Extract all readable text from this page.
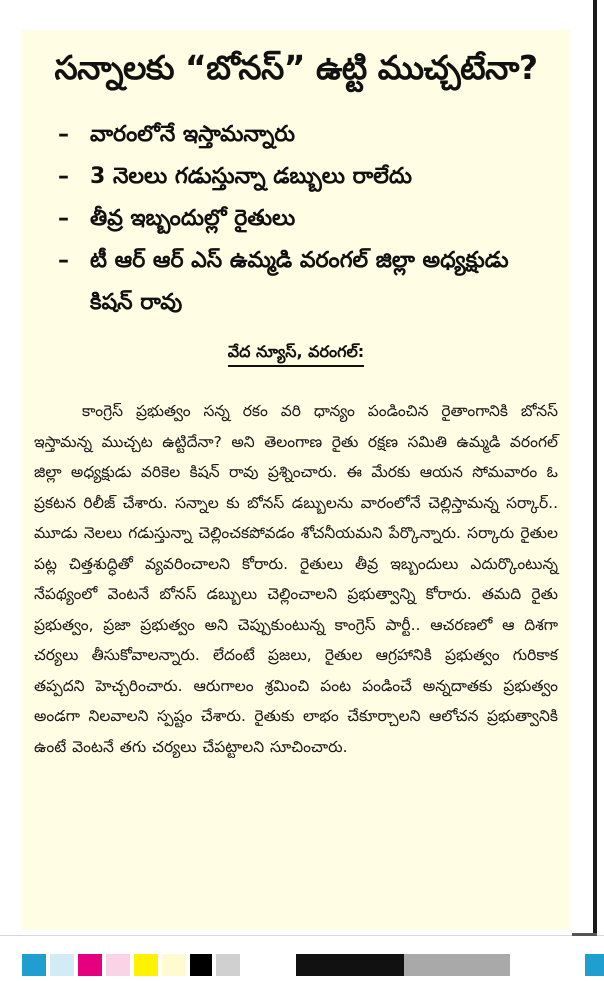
సన్నాలకు “బోనస్” ఉట్టి ముచ్చటేనా?
– వారంలోనే ఇస్తామన్నారు
– 3 నెలలు గడుస్తున్నా డబ్బులు రాలేదు
– తీవ్ర ఇబ్బందుల్లో రైతులు
– టీ ఆర్ ఆర్ ఎస్ ఉమ్మడి వరంగల్ జిల్లా అధ్యక్షుడు కిషన్ రావు
వేద న్యూస్, వరంగల్:

కాంగ్రెస్ ప్రభుత్వం సన్న రకం వరి ధాన్యం పండించిన రైతాంగానికి బోనస్ ఇస్తామన్న ముచ్చట ఉట్టిదేనా? అని తెలంగాణ రైతు రక్షణ సమితి ఉమ్మడి వరంగల్ జిల్లా అధ్యక్షుడు వరికెల కిషన్ రావు ప్రశ్నించారు. ఈ మేరకు ఆయన సోమవారం ఓ ప్రకటన రిలీజ్ చేశారు. సన్నాల కు బోనస్ డబ్బులను వారంలోనే చెల్లిస్తామన్న సర్కార్.. మూడు నెలలు గడుస్తున్నా చెల్లించకపోవడం శోచనీయమని పేర్కొన్నారు. సర్కారు రైతుల పట్ల చిత్తశుద్ధితో వ్యవరించాలని కోరారు. రైతులు తీవ్ర ఇబ్బందులు ఎదుర్కొంటున్న నేపథ్యంలో వెంటనే బోనస్ డబ్బులు చెల్లించాలని ప్రభుత్వాన్ని కోరారు. తమది రైతు ప్రభుత్వం, ప్రజా ప్రభుత్వం అని చెప్పుకుంటున్న కాంగ్రెస్ పార్టీ.. ఆచరణలో ఆ దిశగా చర్యలు తీసుకోవాలన్నారు. లేదంటే ప్రజలు, రైతుల ఆగ్రహానికి ప్రభుత్వం గురికాక తప్పదని హెచ్చరించారు. ఆరుగాలం శ్రమించి పంట పండించే అన్నదాతకు ప్రభుత్వం అండగా నిలవాలని స్పష్టం చేశారు. రైతుకు లాభం చేకూర్చాలని ఆలోచన ప్రభుత్వానికి ఉంటే వెంటనే తగు చర్యలు చేపట్టాలని సూచించారు.
